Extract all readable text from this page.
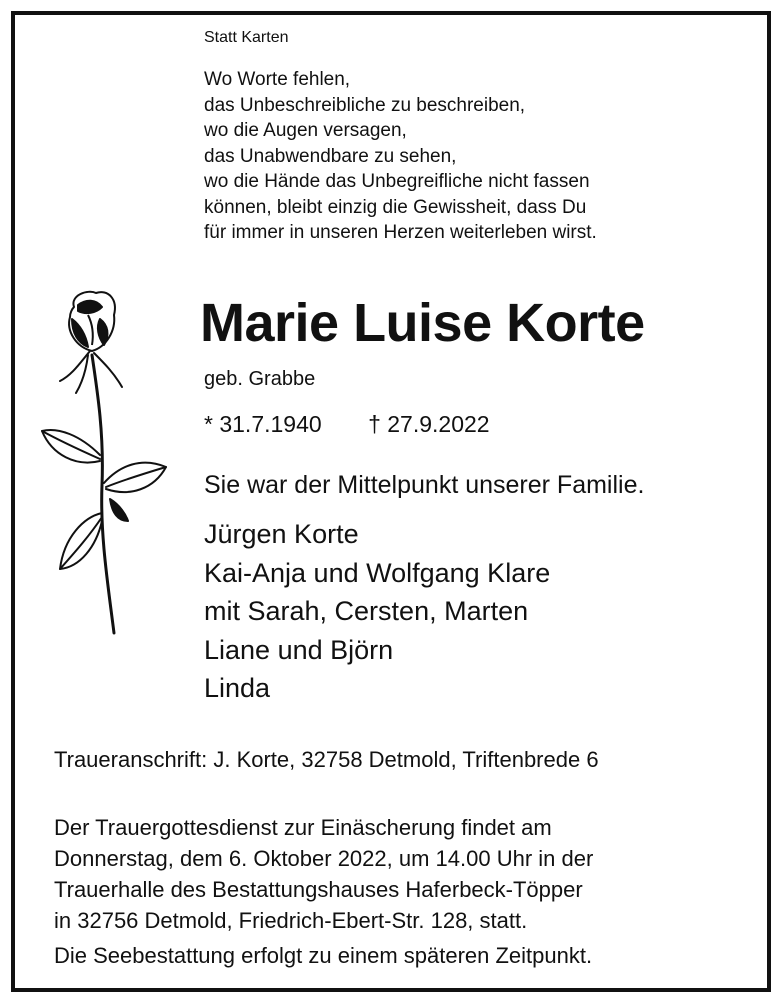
Statt Karten
Wo Worte fehlen,
das Unbeschreibliche zu beschreiben,
wo die Augen versagen,
das Unabwendbare zu sehen,
wo die Hände das Unbegreifliche nicht fassen
können, bleibt einzig die Gewissheit, dass Du
für immer in unseren Herzen weiterleben wirst.
Marie Luise Korte
geb. Grabbe
* 31.7.1940 † 27.9.2022
Sie war der Mittelpunkt unserer Familie.
Jürgen Korte
Kai-Anja und Wolfgang Klare
mit Sarah, Cersten, Marten
Liane und Björn
Linda
Traueranschrift: J. Korte, 32758 Detmold, Triftenbrede 6
Der Trauergottesdienst zur Einäscherung findet am
Donnerstag, dem 6. Oktober 2022, um 14.00 Uhr in der
Trauerhalle des Bestattungshauses Haferbeck-Töpper
in 32756 Detmold, Friedrich-Ebert-Str. 128, statt.
Die Seebestattung erfolgt zu einem späteren Zeitpunkt.
